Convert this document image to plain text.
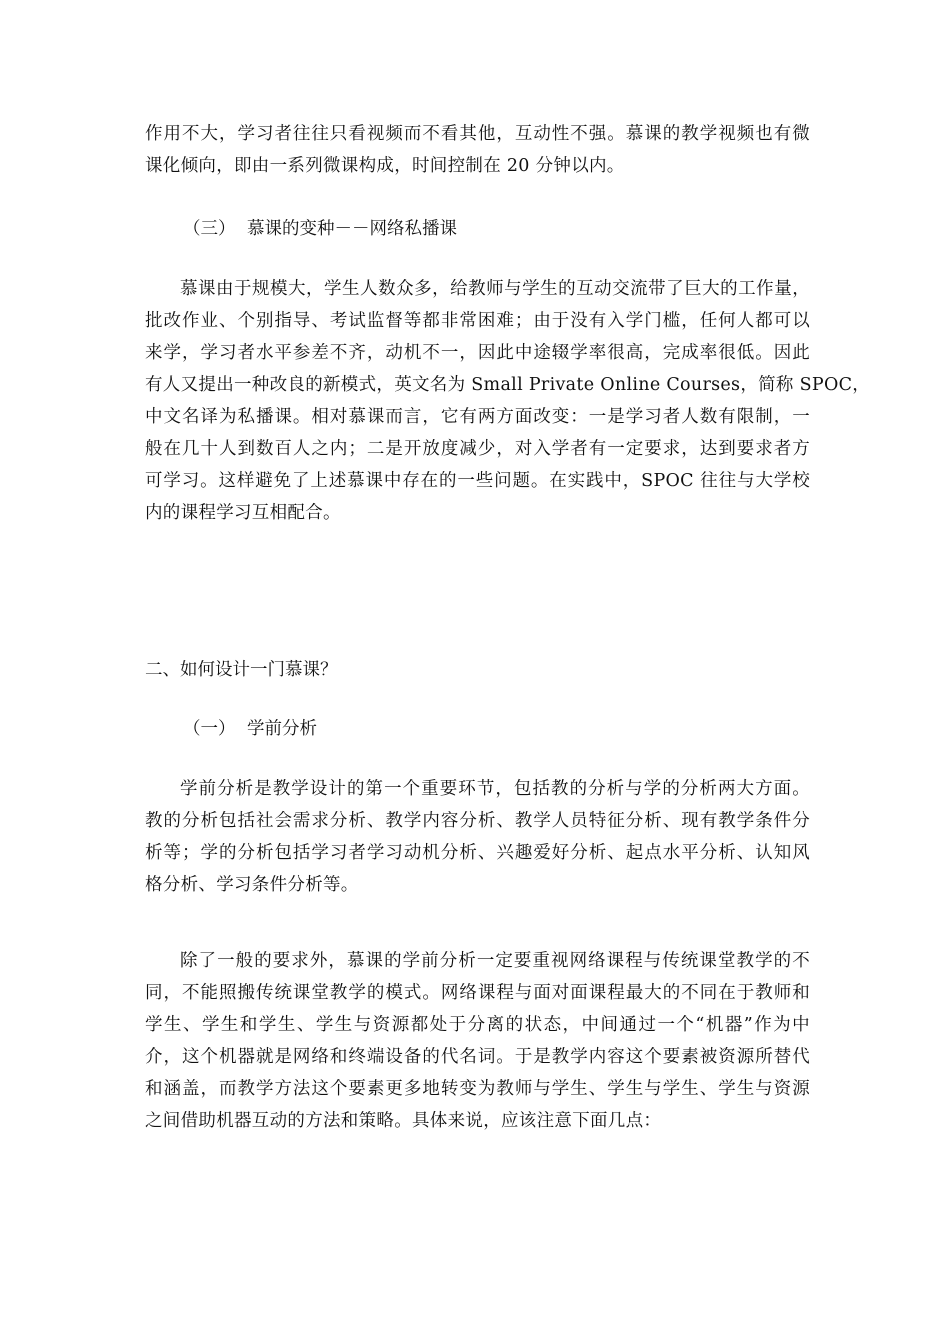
作用不大，学习者往往只看视频而不看其他，互动性不强。慕课的教学视频也有微
课化倾向，即由一系列微课构成，时间控制在 20 分钟以内。
（三） 慕课的变种－－网络私播课
慕课由于规模大，学生人数众多，给教师与学生的互动交流带了巨大的工作量，
批改作业、个别指导、考试监督等都非常困难；由于没有入学门槛，任何人都可以
来学，学习者水平参差不齐，动机不一，因此中途辍学率很高，完成率很低。因此
有人又提出一种改良的新模式，英文名为 Small Private Online Courses，简称 SPOC，
中文名译为私播课。相对慕课而言，它有两方面改变：一是学习者人数有限制，一
般在几十人到数百人之内；二是开放度减少，对入学者有一定要求，达到要求者方
可学习。这样避免了上述慕课中存在的一些问题。在实践中，SPOC 往往与大学校
内的课程学习互相配合。
二、如何设计一门慕课？
（一） 学前分析
学前分析是教学设计的第一个重要环节，包括教的分析与学的分析两大方面。
教的分析包括社会需求分析、教学内容分析、教学人员特征分析、现有教学条件分
析等；学的分析包括学习者学习动机分析、兴趣爱好分析、起点水平分析、认知风
格分析、学习条件分析等。
除了一般的要求外，慕课的学前分析一定要重视网络课程与传统课堂教学的不
同，不能照搬传统课堂教学的模式。网络课程与面对面课程最大的不同在于教师和
学生、学生和学生、学生与资源都处于分离的状态，中间通过一个“机器”作为中
介，这个机器就是网络和终端设备的代名词。于是教学内容这个要素被资源所替代
和涵盖，而教学方法这个要素更多地转变为教师与学生、学生与学生、学生与资源
之间借助机器互动的方法和策略。具体来说，应该注意下面几点：
